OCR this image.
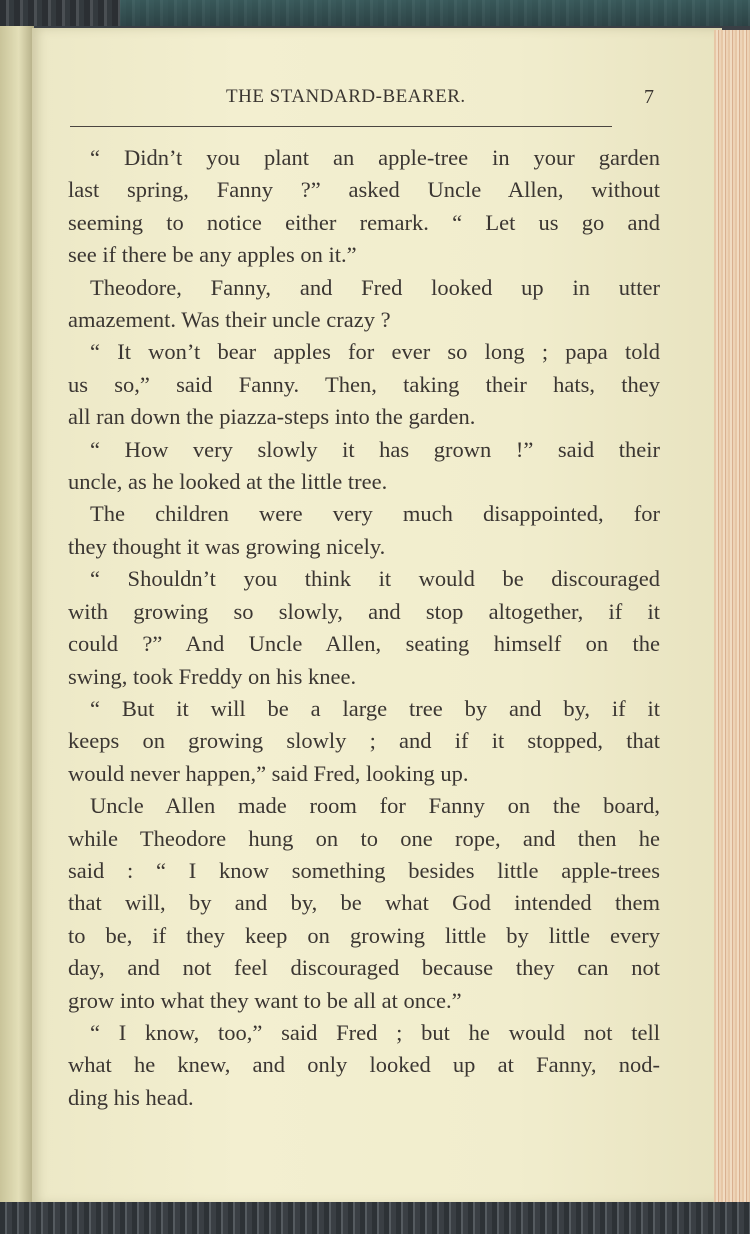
THE STANDARD-BEARER.	7
“ Didn’t you plant an apple-tree in your garden
last spring, Fanny ?” asked Uncle Allen, without
seeming to notice either remark. “ Let us go and
see if there be any apples on it.”
Theodore, Fanny, and Fred looked up in utter
amazement. Was their uncle crazy ?
“ It won’t bear apples for ever so long ; papa told
us so,” said Fanny. Then, taking their hats, they
all ran down the piazza-steps into the garden.
“ How very slowly it has grown !” said their
uncle, as he looked at the little tree.
The children were very much disappointed, for
they thought it was growing nicely.
“ Shouldn’t you think it would be discouraged
with growing so slowly, and stop altogether, if it
could ?” And Uncle Allen, seating himself on the
swing, took Freddy on his knee.
“ But it will be a large tree by and by, if it
keeps on growing slowly ; and if it stopped, that
would never happen,” said Fred, looking up.
Uncle Allen made room for Fanny on the board,
while Theodore hung on to one rope, and then he
said : “ I know something besides little apple-trees
that will, by and by, be what God intended them
to be, if they keep on growing little by little every
day, and not feel discouraged because they can not
grow into what they want to be all at once.”
“ I know, too,” said Fred ; but he would not tell
what he knew, and only looked up at Fanny, nod-
ding his head.
